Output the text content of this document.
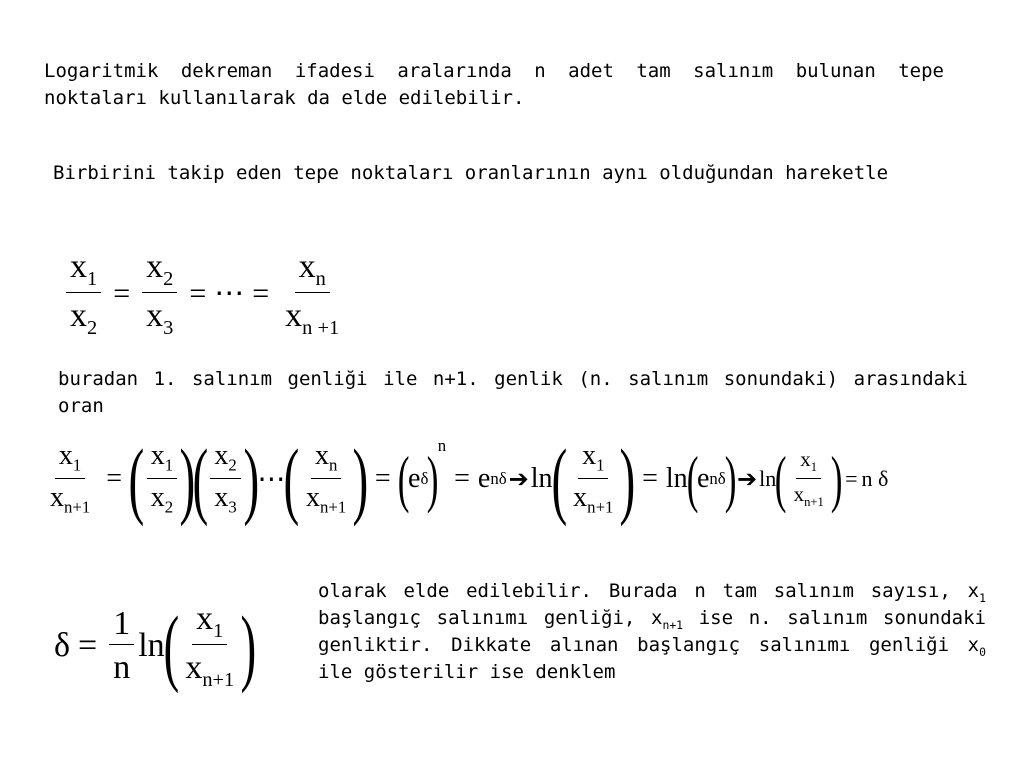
Logaritmik dekreman ifadesi aralarında n adet tam salınım bulunan tepe noktaları kullanılarak da elde edilebilir.

Birbirini takip eden tepe noktaları oranlarının aynı olduğundan hareketle

$\frac{x_1}{x_2} = \frac{x_2}{x_3}$ = ⋯ = $\frac{x_n}{x_{n +1}}$

buradan 1. salınım genliği ile n+1. genlik (n. salınım sonundaki) arasındaki oran

$\frac{x_1}{x_{n+1}}$ = ( $\frac{x_1}{x_2}$ )
( $\frac{x_2}{x_3}$ )
⋯
( $\frac{x_n}{x_{n+1}}$ ) = (
e δ
)
n
= e nδ ➔ ln
( $\frac{x_1}{x_{n+1}}$ ) = ln
(
e nδ
) ➔ ln
( $\frac{x_1}{x_{n+1}}$ ) = n δ
$\delta = \frac{1}{n}$ ln
( $\frac{x_1}{x_{n+1}}$ )

olarak elde edilebilir. Burada n tam salınım sayısı, $x_1$ başlangıç salınımı genliği, $x_{n+1}$ ise n. salınım sonundaki genliktir. Dikkate alınan başlangıç salınımı genliği $x_0$ ile gösterilir ise denklem
